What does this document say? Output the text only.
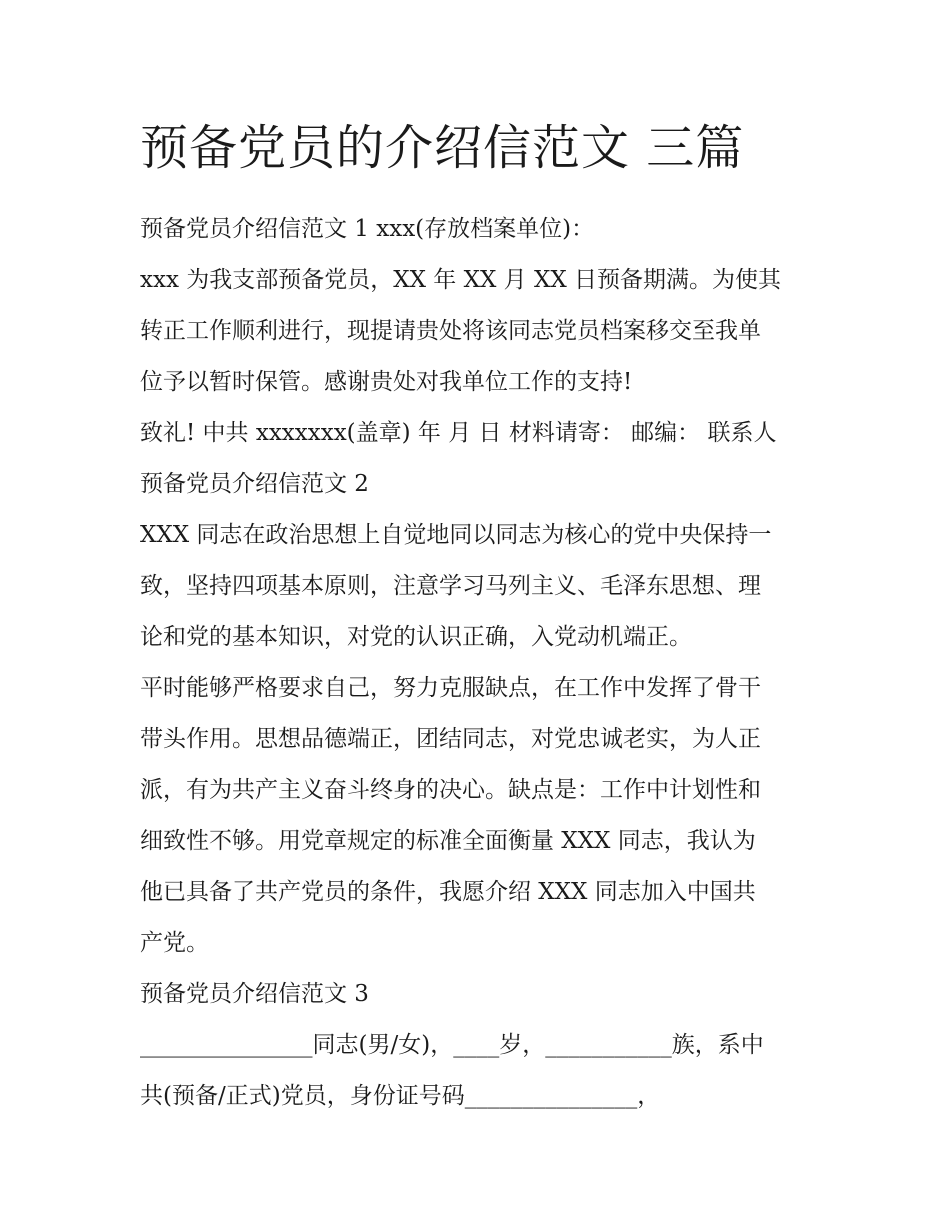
预备党员的介绍信范文 三篇

预备党员介绍信范文 1 xxx(存放档案单位)：

xxx 为我支部预备党员，XX 年 XX 月 XX 日预备期满。为使其

转正工作顺利进行，现提请贵处将该同志党员档案移交至我单

位予以暂时保管。感谢贵处对我单位工作的支持!

致礼! 中共 xxxxxxx(盖章) 年 月 日 材料请寄： 邮编： 联系人

预备党员介绍信范文 2

XXX 同志在政治思想上自觉地同以同志为核心的党中央保持一

致，坚持四项基本原则，注意学习马列主义、毛泽东思想、理

论和党的基本知识，对党的认识正确，入党动机端正。

平时能够严格要求自己，努力克服缺点，在工作中发挥了骨干

带头作用。思想品德端正，团结同志，对党忠诚老实，为人正

派，有为共产主义奋斗终身的决心。缺点是：工作中计划性和

细致性不够。用党章规定的标准全面衡量 XXX 同志，我认为

他已具备了共产党员的条件，我愿介绍 XXX 同志加入中国共

产党。

预备党员介绍信范文 3

_______________同志(男/女)，____岁，___________族，系中

共(预备/正式)党员，身份证号码_______________，
